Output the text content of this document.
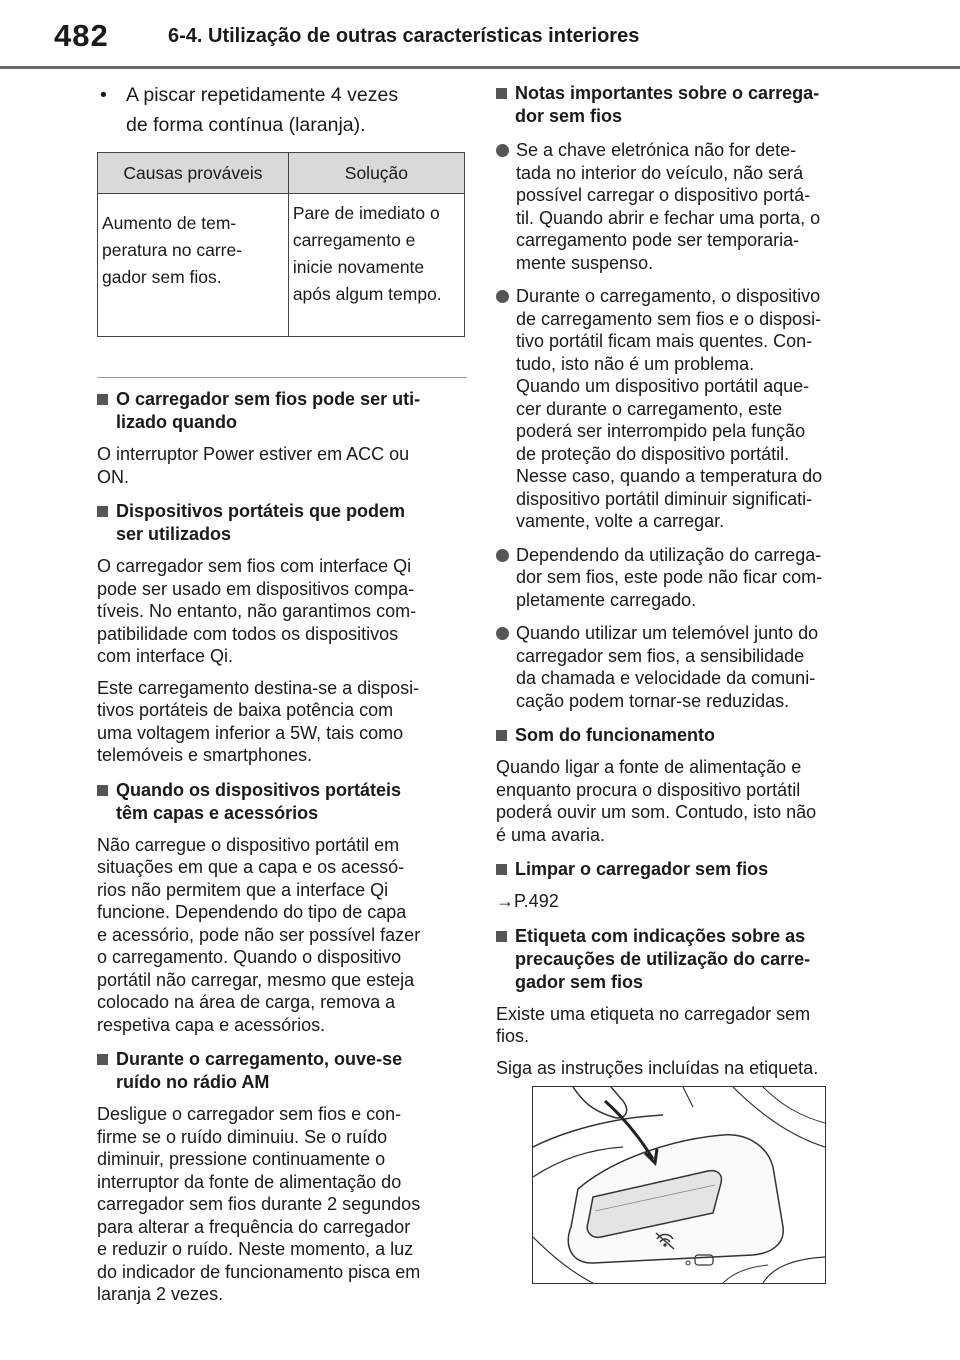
482	6-4. Utilização de outras características interiores
• A piscar repetidamente 4 vezes
de forma contínua (laranja).
Causas prováveis	Solução
Aumento de tem-
peratura no carre-
gador sem fios.	Pare de imediato o
carregamento e
inicie novamente
após algum tempo.
O carregador sem fios pode ser uti-
lizado quando
O interruptor Power estiver em ACC ou
ON.
Dispositivos portáteis que podem
ser utilizados
O carregador sem fios com interface Qi
pode ser usado em dispositivos compa-
tíveis. No entanto, não garantimos com-
patibilidade com todos os dispositivos
com interface Qi.
Este carregamento destina-se a disposi-
tivos portáteis de baixa potência com
uma voltagem inferior a 5W, tais como
telemóveis e smartphones.
Quando os dispositivos portáteis
têm capas e acessórios
Não carregue o dispositivo portátil em
situações em que a capa e os acessó-
rios não permitem que a interface Qi
funcione. Dependendo do tipo de capa
e acessório, pode não ser possível fazer
o carregamento. Quando o dispositivo
portátil não carregar, mesmo que esteja
colocado na área de carga, remova a
respetiva capa e acessórios.
Durante o carregamento, ouve-se
ruído no rádio AM
Desligue o carregador sem fios e con-
firme se o ruído diminuiu. Se o ruído
diminuir, pressione continuamente o
interruptor da fonte de alimentação do
carregador sem fios durante 2 segundos
para alterar a frequência do carregador
e reduzir o ruído. Neste momento, a luz
do indicador de funcionamento pisca em
laranja 2 vezes.
Notas importantes sobre o carrega-
dor sem fios
Se a chave eletrónica não for dete-
tada no interior do veículo, não será
possível carregar o dispositivo portá-
til. Quando abrir e fechar uma porta, o
carregamento pode ser temporaria-
mente suspenso.
Durante o carregamento, o dispositivo
de carregamento sem fios e o disposi-
tivo portátil ficam mais quentes. Con-
tudo, isto não é um problema.
Quando um dispositivo portátil aque-
cer durante o carregamento, este
poderá ser interrompido pela função
de proteção do dispositivo portátil.
Nesse caso, quando a temperatura do
dispositivo portátil diminuir significati-
vamente, volte a carregar.
Dependendo da utilização do carrega-
dor sem fios, este pode não ficar com-
pletamente carregado.
Quando utilizar um telemóvel junto do
carregador sem fios, a sensibilidade
da chamada e velocidade da comuni-
cação podem tornar-se reduzidas.
Som do funcionamento
Quando ligar a fonte de alimentação e
enquanto procura o dispositivo portátil
poderá ouvir um som. Contudo, isto não
é uma avaria.
Limpar o carregador sem fios
→P.492
Etiqueta com indicações sobre as
precauções de utilização do carre-
gador sem fios
Existe uma etiqueta no carregador sem
fios.
Siga as instruções incluídas na etiqueta.
